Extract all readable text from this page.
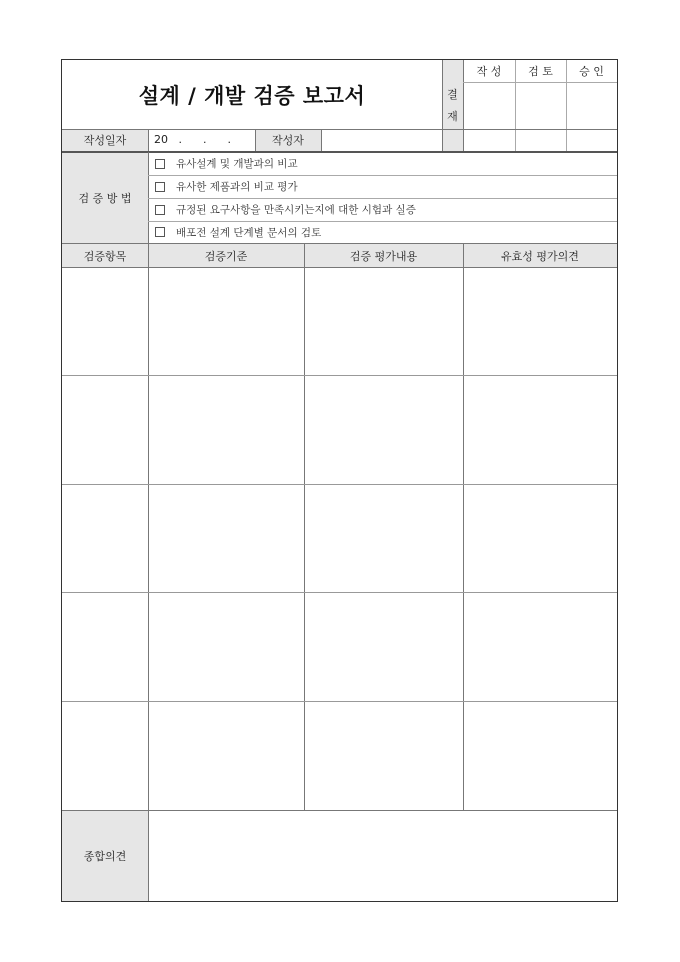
설계 / 개발 검증 보고서	결
재
작 성	검 토	승 인
작성일자	20   .      .      .	작성자
검 증 방 법
유사설계 및 개발과의 비교
유사한 제품과의 비교 평가
규정된 요구사항을 만족시키는지에 대한 시험과 실증
배포전 설계 단계별 문서의 검토
검증항목	검증기준	검증 평가내용	유효성 평가의견
종합의견
